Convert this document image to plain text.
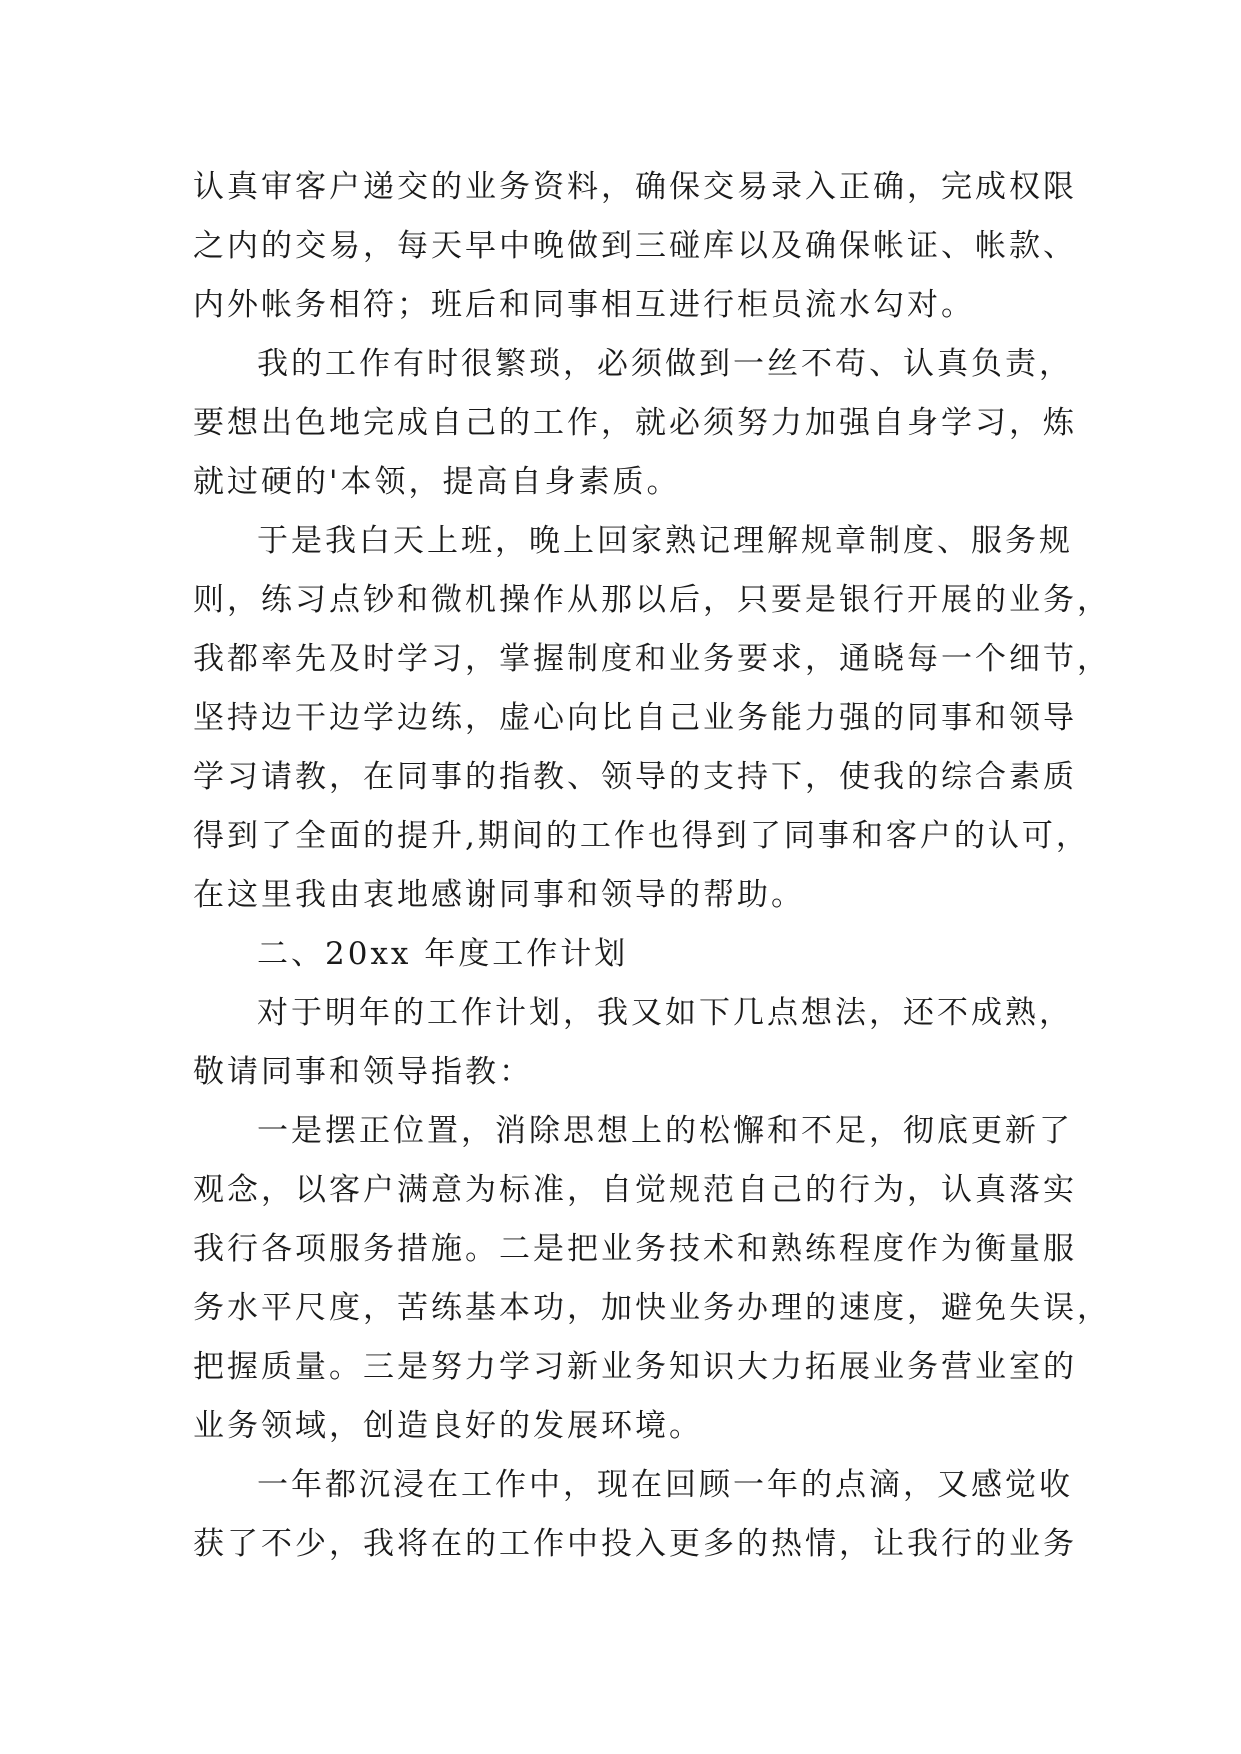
认真审客户递交的业务资料，确保交易录入正确，完成权限
之内的交易，每天早中晚做到三碰库以及确保帐证、帐款、
内外帐务相符；班后和同事相互进行柜员流水勾对。
我的工作有时很繁琐，必须做到一丝不苟、认真负责，
要想出色地完成自己的工作，就必须努力加强自身学习，炼
就过硬的'本领，提高自身素质。
于是我白天上班，晚上回家熟记理解规章制度、服务规
则，练习点钞和微机操作从那以后，只要是银行开展的业务，
我都率先及时学习，掌握制度和业务要求，通晓每一个细节，
坚持边干边学边练，虚心向比自己业务能力强的同事和领导
学习请教，在同事的指教、领导的支持下，使我的综合素质
得到了全面的提升,期间的工作也得到了同事和客户的认可，
在这里我由衷地感谢同事和领导的帮助。
二、20xx 年度工作计划
对于明年的工作计划，我又如下几点想法，还不成熟，
敬请同事和领导指教：
一是摆正位置，消除思想上的松懈和不足，彻底更新了
观念，以客户满意为标准，自觉规范自己的行为，认真落实
我行各项服务措施。二是把业务技术和熟练程度作为衡量服
务水平尺度，苦练基本功，加快业务办理的速度，避免失误，
把握质量。三是努力学习新业务知识大力拓展业务营业室的
业务领域，创造良好的发展环境。
一年都沉浸在工作中，现在回顾一年的点滴，又感觉收
获了不少，我将在的工作中投入更多的热情，让我行的业务
